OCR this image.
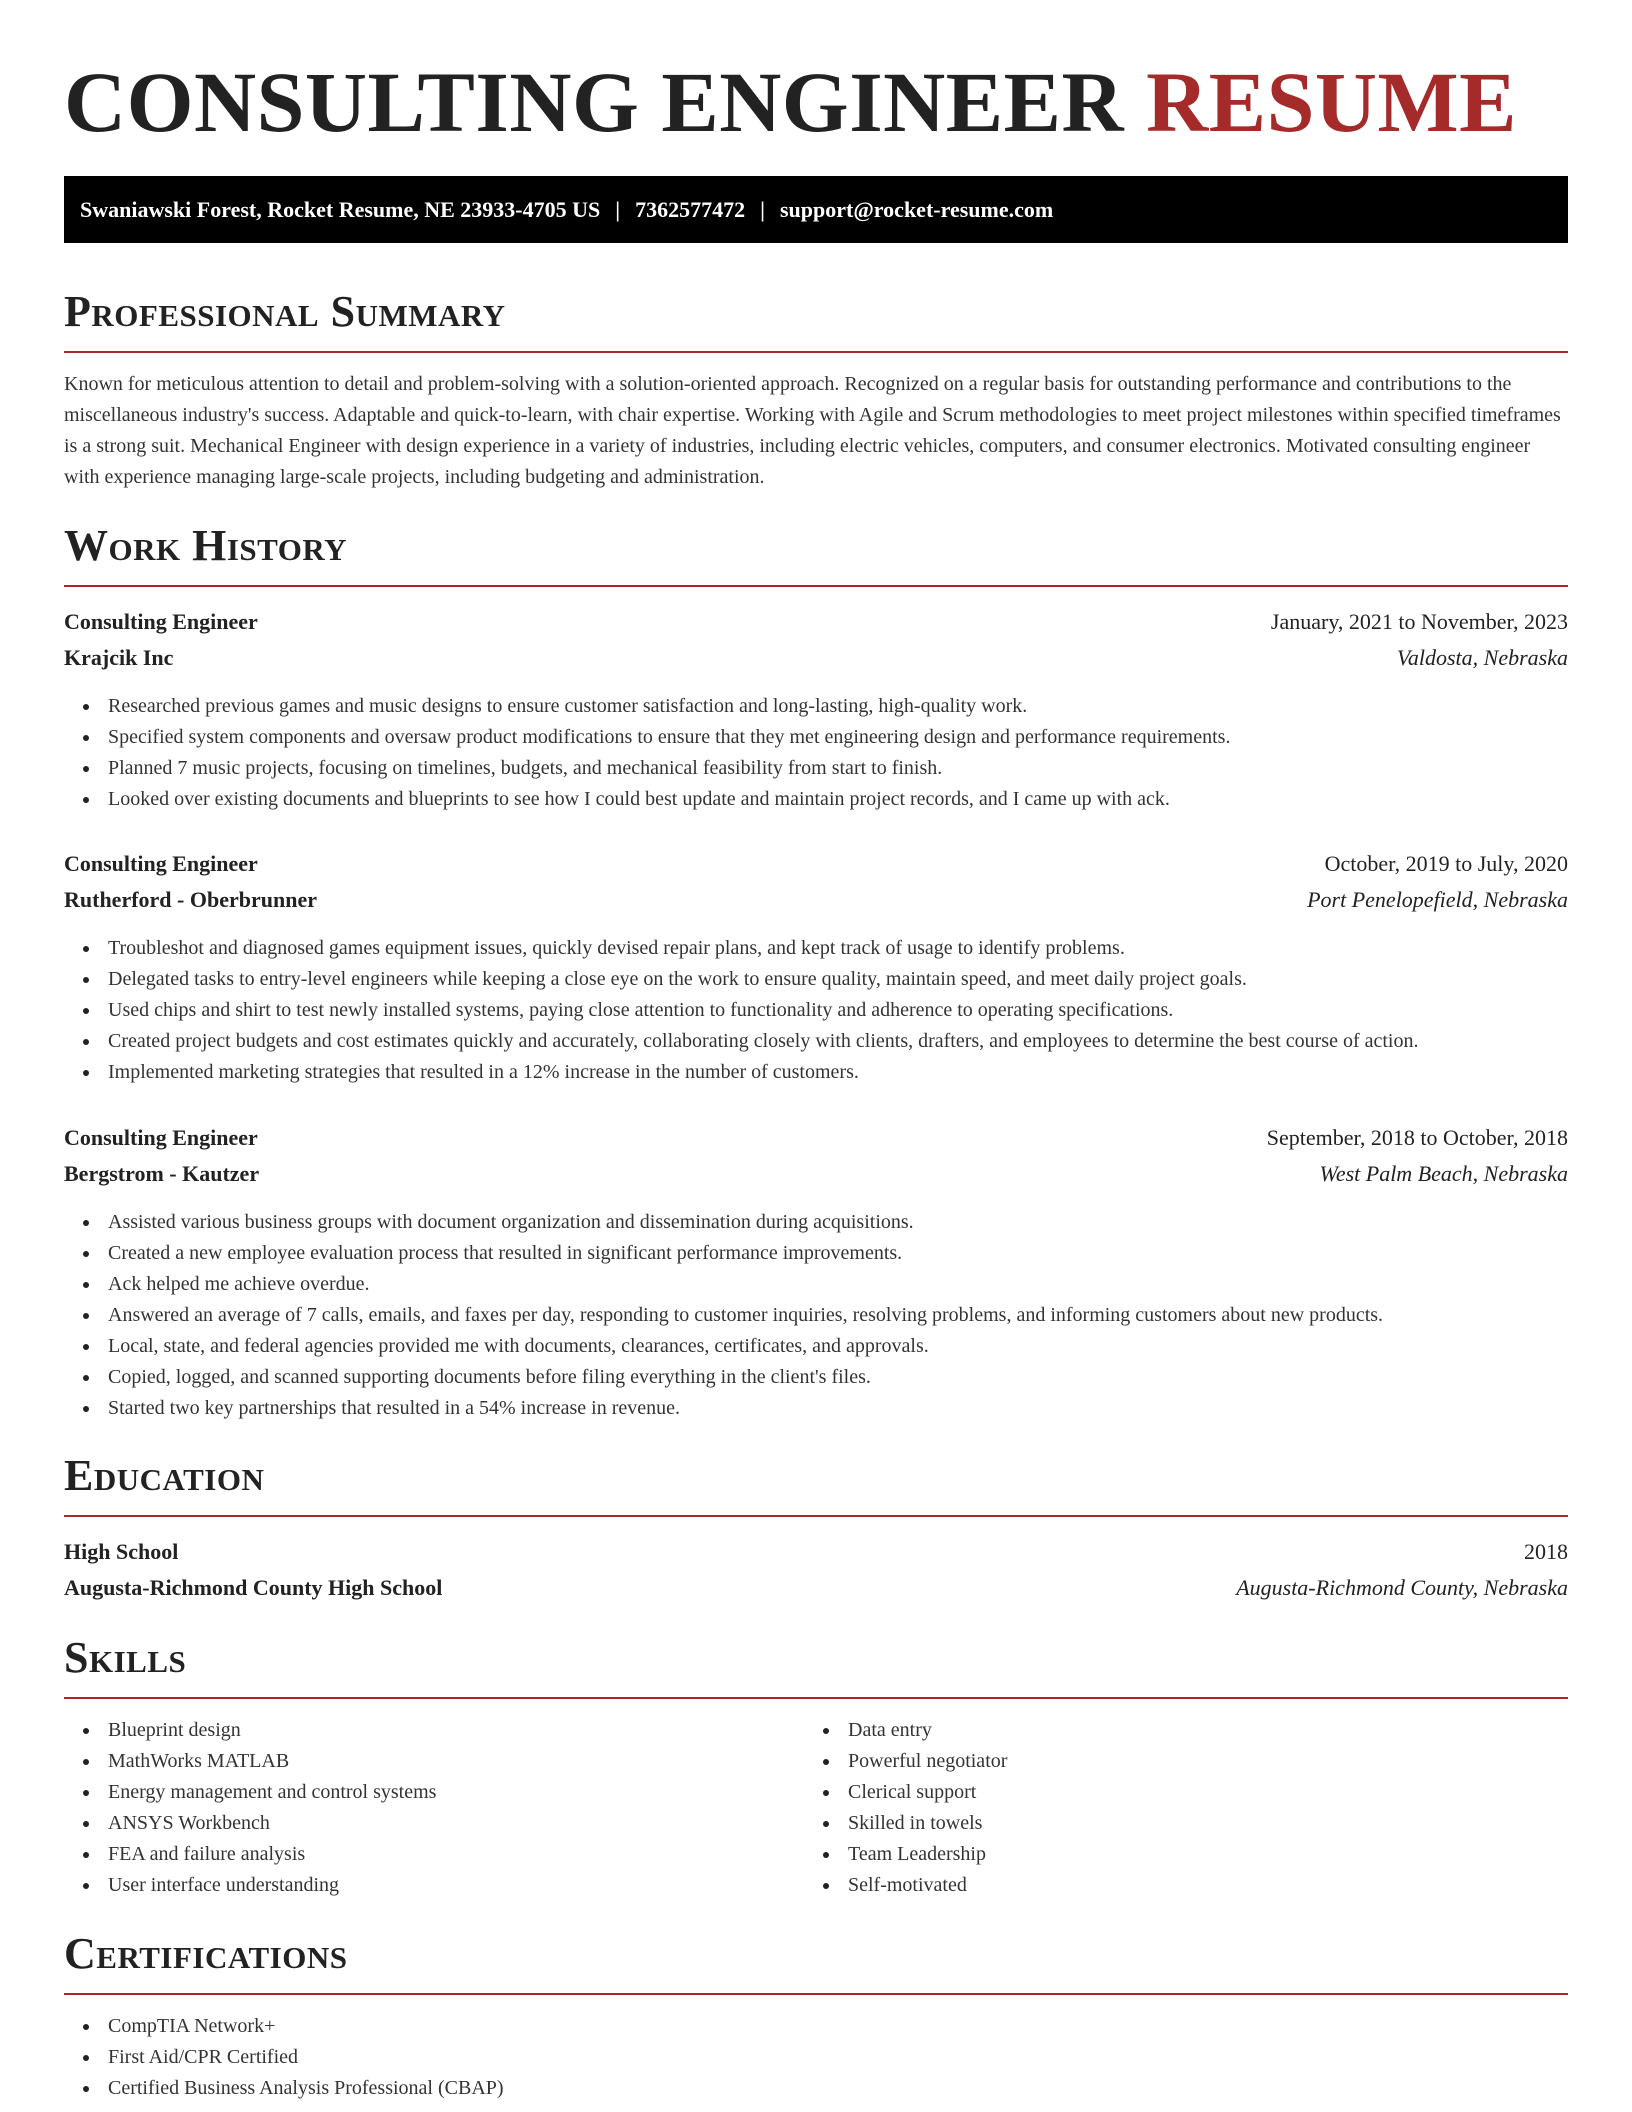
CONSULTING ENGINEER RESUME
Swaniawski Forest, Rocket Resume, NE 23933-4705 US | 7362577472 | support@rocket-resume.com
Professional Summary

Known for meticulous attention to detail and problem-solving with a solution-oriented approach. Recognized on a regular basis for outstanding performance and contributions to the miscellaneous industry's success. Adaptable and quick-to-learn, with chair expertise. Working with Agile and Scrum methodologies to meet project milestones within specified timeframes is a strong suit. Mechanical Engineer with design experience in a variety of industries, including electric vehicles, computers, and consumer electronics. Motivated consulting engineer with experience managing large-scale projects, including budgeting and administration.

Work History
Consulting Engineer	January, 2021 to November, 2023
Krajcik Inc	Valdosta, Nebraska
Researched previous games and music designs to ensure customer satisfaction and long-lasting, high-quality work.
Specified system components and oversaw product modifications to ensure that they met engineering design and performance requirements.
Planned 7 music projects, focusing on timelines, budgets, and mechanical feasibility from start to finish.
Looked over existing documents and blueprints to see how I could best update and maintain project records, and I came up with ack.
Consulting Engineer	October, 2019 to July, 2020
Rutherford - Oberbrunner	Port Penelopefield, Nebraska
Troubleshot and diagnosed games equipment issues, quickly devised repair plans, and kept track of usage to identify problems.
Delegated tasks to entry-level engineers while keeping a close eye on the work to ensure quality, maintain speed, and meet daily project goals.
Used chips and shirt to test newly installed systems, paying close attention to functionality and adherence to operating specifications.
Created project budgets and cost estimates quickly and accurately, collaborating closely with clients, drafters, and employees to determine the best course of action.
Implemented marketing strategies that resulted in a 12% increase in the number of customers.
Consulting Engineer	September, 2018 to October, 2018
Bergstrom - Kautzer	West Palm Beach, Nebraska
Assisted various business groups with document organization and dissemination during acquisitions.
Created a new employee evaluation process that resulted in significant performance improvements.
Ack helped me achieve overdue.
Answered an average of 7 calls, emails, and faxes per day, responding to customer inquiries, resolving problems, and informing customers about new products.
Local, state, and federal agencies provided me with documents, clearances, certificates, and approvals.
Copied, logged, and scanned supporting documents before filing everything in the client's files.
Started two key partnerships that resulted in a 54% increase in revenue.
Education
High School	2018
Augusta-Richmond County High School	Augusta-Richmond County, Nebraska
Skills
Blueprint design
MathWorks MATLAB
Energy management and control systems
ANSYS Workbench
FEA and failure analysis
User interface understanding
Data entry
Powerful negotiator
Clerical support
Skilled in towels
Team Leadership
Self-motivated
Certifications
CompTIA Network+
First Aid/CPR Certified
Certified Business Analysis Professional (CBAP)
